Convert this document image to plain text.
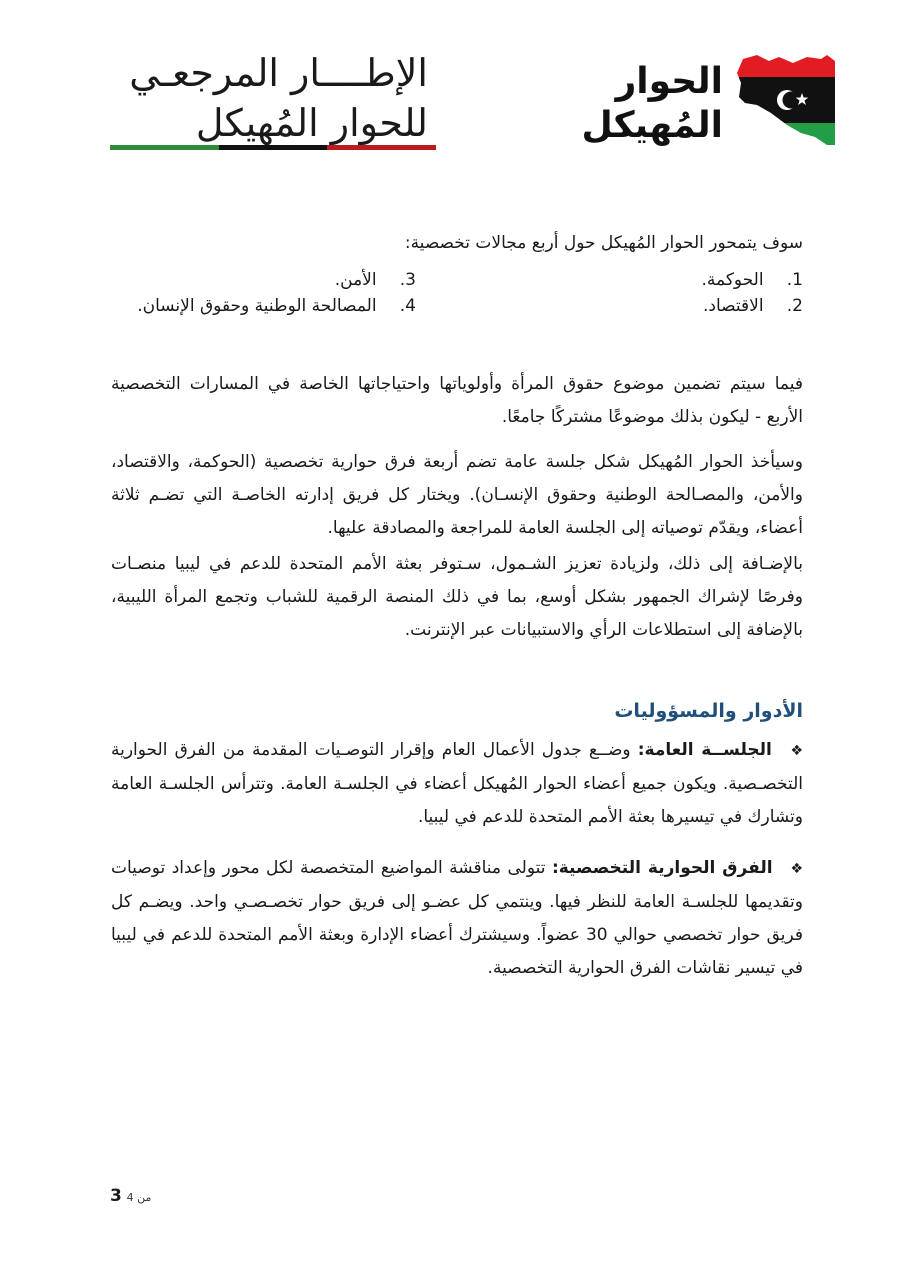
الإطــــار المرجعـي
للحوار المُهيكل
الحوار
المُهيكل
سوف يتمحور الحوار المُهيكل حول أربع مجالات تخصصية:
1. الحوكمة.
2. الاقتصاد.
3. الأمن.
4. المصالحة الوطنية وحقوق الإنسان.

فيما سيتم تضمين موضوع حقوق المرأة وأولوياتها واحتياجاتها الخاصة في المسارات التخصصية الأربع - ليكون بذلك موضوعًا مشتركًا جامعًا.

وسيأخذ الحوار المُهيكل شكل جلسة عامة تضم أربعة فرق حوارية تخصصية (الحوكمة، والاقتصاد، والأمن، والمصـالحة الوطنية وحقوق الإنسـان). ويختار كل فريق إدارته الخاصـة التي تضـم ثلاثة أعضاء، ويقدّم توصياته إلى الجلسة العامة للمراجعة والمصادقة عليها.

بالإضـافة إلى ذلك، ولزيادة تعزيز الشـمول، سـتوفر بعثة الأمم المتحدة للدعم في ليبيا منصـات وفرصًا لإشراك الجمهور بشكل أوسع، بما في ذلك المنصة الرقمية للشباب وتجمع المرأة الليبية، بالإضافة إلى استطلاعات الرأي والاستبيانات عبر الإنترنت.

الأدوار والمسؤوليات
❖ الجلســة العامة: وضــع جدول الأعمال العام وإقرار التوصـيات المقدمة من الفرق الحوارية التخصـصية. ويكون جميع أعضاء الحوار المُهيكل أعضاء في الجلسـة العامة. وتترأس الجلسـة العامة وتشارك في تيسيرها بعثة الأمم المتحدة للدعم في ليبيا.
❖ الفرق الحوارية التخصصية: تتولى مناقشة المواضيع المتخصصة لكل محور وإعداد توصيات وتقديمها للجلسـة العامة للنظر فيها. وينتمي كل عضـو إلى فريق حوار تخصـصـي واحد. ويضـم كل فريق حوار تخصصي حوالي 30 عضواً. وسيشترك أعضاء الإدارة وبعثة الأمم المتحدة للدعم في ليبيا في تيسير نقاشات الفرق الحوارية التخصصية.
3 من 4
